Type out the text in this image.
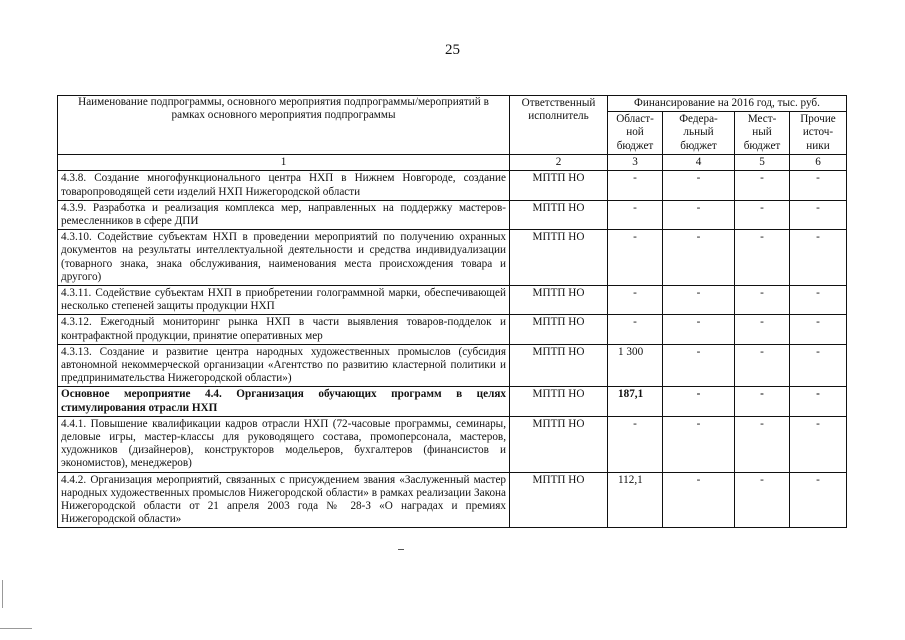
25
Наименование подпрограммы, основного мероприятия подпрограммы/мероприятий в рамках основного мероприятия подпрограммы	Ответственный исполнитель	Финансирование на 2016 год, тыс. руб.			
		Област-ной бюджет	Федера-льный бюджет	Мест-ный бюджет	Прочие источ-ники
1	2	3	4	5	6
4.3.8. Создание многофункционального центра НХП в Нижнем Новгороде, создание товаропроводящей сети изделий НХП Нижегородской области	МПТП НО	-	-	-	-
4.3.9. Разработка и реализация комплекса мер, направленных на поддержку мастеров-ремесленников в сфере ДПИ	МПТП НО	-	-	-	-
4.3.10. Содействие субъектам НХП в проведении мероприятий по получению охранных документов на результаты интеллектуальной деятельности и средства индивидуализации (товарного знака, знака обслуживания, наименования места происхождения товара и другого)	МПТП НО	-	-	-	-
4.3.11. Содействие субъектам НХП в приобретении голограммной марки, обеспечивающей несколько степеней защиты продукции НХП	МПТП НО	-	-	-	-
4.3.12. Ежегодный мониторинг рынка НХП в части выявления товаров-подделок и контрафактной продукции, принятие оперативных мер	МПТП НО	-	-	-	-
4.3.13. Создание и развитие центра народных художественных промыслов (субсидия автономной некоммерческой организации «Агентство по развитию кластерной политики и предпринимательства Нижегородской области»)	МПТП НО	1 300	-	-	-
Основное мероприятие 4.4. Организация обучающих программ в целях стимулирования отрасли НХП	МПТП НО	187,1	-	-	-
4.4.1. Повышение квалификации кадров отрасли НХП (72-часовые программы, семинары, деловые игры, мастер-классы для руководящего состава, промоперсонала, мастеров, художников (дизайнеров), конструкторов модельеров, бухгалтеров (финансистов и экономистов), менеджеров)	МПТП НО	-	-	-	-
4.4.2. Организация мероприятий, связанных с присуждением звания «Заслуженный мастер народных художественных промыслов Нижегородской области» в рамках реализации Закона Нижегородской области от 21 апреля 2003 года № 28-З «О наградах и премиях Нижегородской области»	МПТП НО	112,1	-	-	-
